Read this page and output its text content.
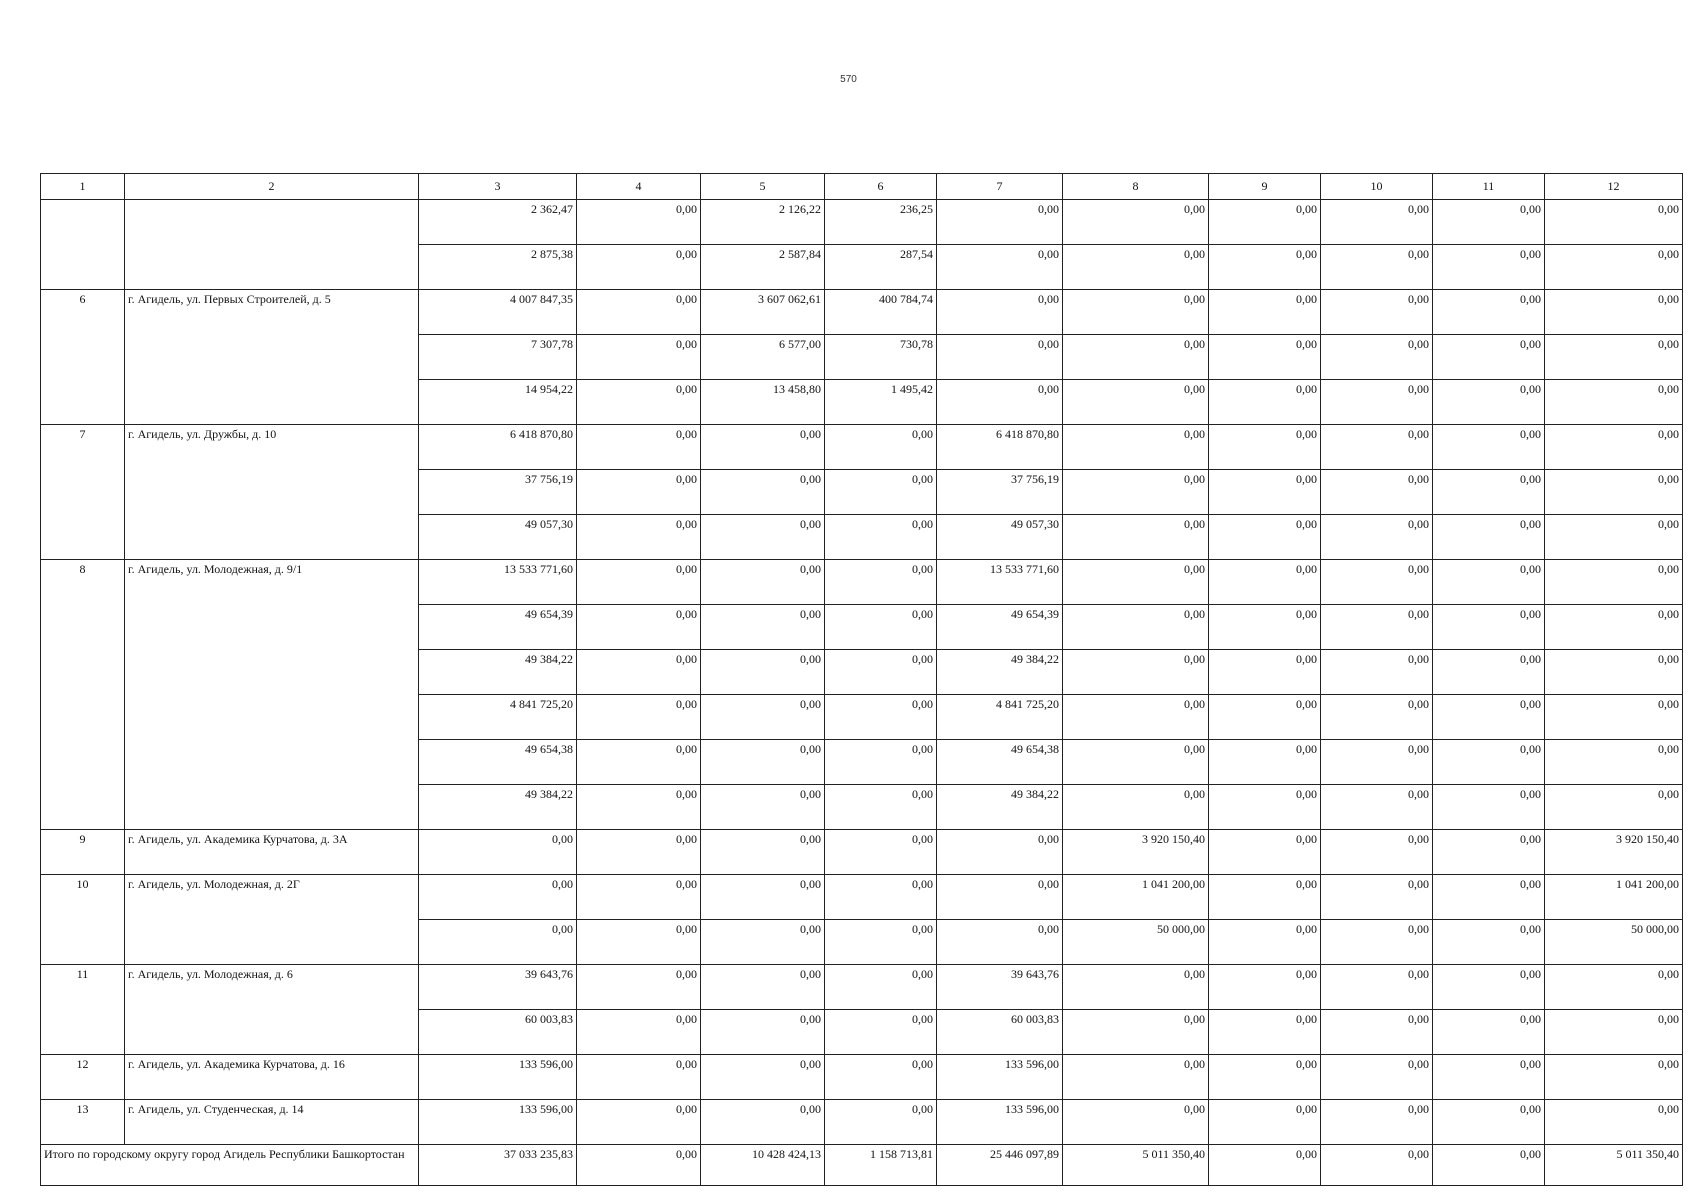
570
1	2	3	4	5	6	7	8	9	10	11	12
		2 362,47	0,00	2 126,22	236,25	0,00	0,00	0,00	0,00	0,00	0,00
		2 875,38	0,00	2 587,84	287,54	0,00	0,00	0,00	0,00	0,00	0,00
6	г. Агидель, ул. Первых Строителей, д. 5	4 007 847,35	0,00	3 607 062,61	400 784,74	0,00	0,00	0,00	0,00	0,00	0,00
		7 307,78	0,00	6 577,00	730,78	0,00	0,00	0,00	0,00	0,00	0,00
		14 954,22	0,00	13 458,80	1 495,42	0,00	0,00	0,00	0,00	0,00	0,00
7	г. Агидель, ул. Дружбы, д. 10	6 418 870,80	0,00	0,00	0,00	6 418 870,80	0,00	0,00	0,00	0,00	0,00
		37 756,19	0,00	0,00	0,00	37 756,19	0,00	0,00	0,00	0,00	0,00
		49 057,30	0,00	0,00	0,00	49 057,30	0,00	0,00	0,00	0,00	0,00
8	г. Агидель, ул. Молодежная, д. 9/1	13 533 771,60	0,00	0,00	0,00	13 533 771,60	0,00	0,00	0,00	0,00	0,00
		49 654,39	0,00	0,00	0,00	49 654,39	0,00	0,00	0,00	0,00	0,00
		49 384,22	0,00	0,00	0,00	49 384,22	0,00	0,00	0,00	0,00	0,00
		4 841 725,20	0,00	0,00	0,00	4 841 725,20	0,00	0,00	0,00	0,00	0,00
		49 654,38	0,00	0,00	0,00	49 654,38	0,00	0,00	0,00	0,00	0,00
		49 384,22	0,00	0,00	0,00	49 384,22	0,00	0,00	0,00	0,00	0,00
9	г. Агидель, ул. Академика Курчатова, д. 3А	0,00	0,00	0,00	0,00	0,00	3 920 150,40	0,00	0,00	0,00	3 920 150,40
10	г. Агидель, ул. Молодежная, д. 2Г	0,00	0,00	0,00	0,00	0,00	1 041 200,00	0,00	0,00	0,00	1 041 200,00
		0,00	0,00	0,00	0,00	0,00	50 000,00	0,00	0,00	0,00	50 000,00
11	г. Агидель, ул. Молодежная, д. 6	39 643,76	0,00	0,00	0,00	39 643,76	0,00	0,00	0,00	0,00	0,00
		60 003,83	0,00	0,00	0,00	60 003,83	0,00	0,00	0,00	0,00	0,00
12	г. Агидель, ул. Академика Курчатова, д. 16	133 596,00	0,00	0,00	0,00	133 596,00	0,00	0,00	0,00	0,00	0,00
13	г. Агидель, ул. Студенческая, д. 14	133 596,00	0,00	0,00	0,00	133 596,00	0,00	0,00	0,00	0,00	0,00
Итого по городскому округу город Агидель Республики Башкортостан		37 033 235,83	0,00	10 428 424,13	1 158 713,81	25 446 097,89	5 011 350,40	0,00	0,00	0,00	5 011 350,40
